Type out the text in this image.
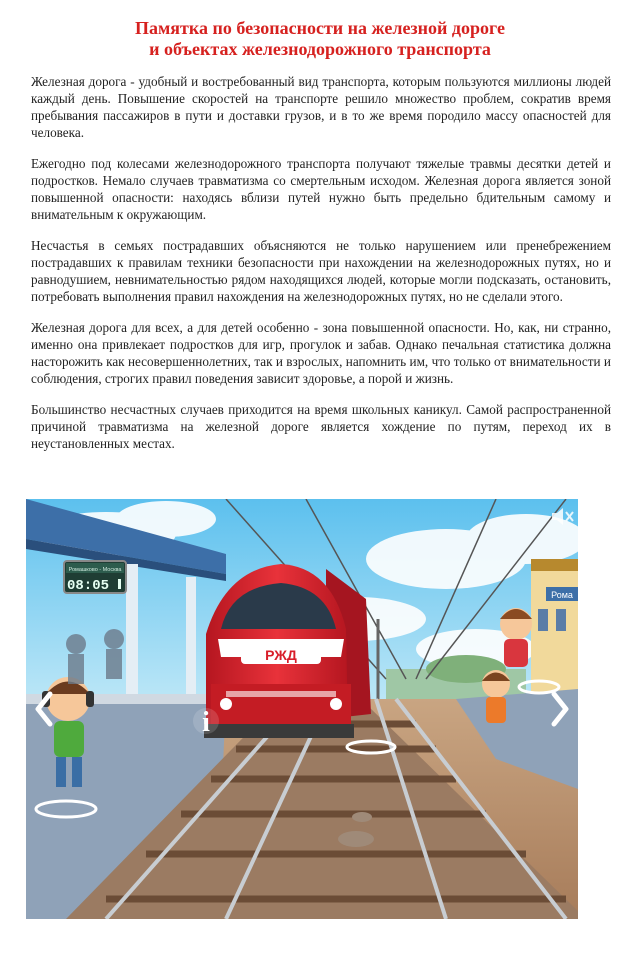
Памятка по безопасности на железной дороге
и объектах железнодорожного транспорта

Железная дорога - удобный и востребованный вид транспорта, которым пользуются миллионы людей каждый день. Повышение скоростей на транспорте решило множество проблем, сократив время пребывания пассажиров в пути и доставки грузов, и в то же время породило массу опасностей для человека.

Ежегодно под колесами железнодорожного транспорта получают тяжелые травмы десятки детей и подростков. Немало случаев травматизма со смертельным исходом. Железная дорога является зоной повышенной опасности: находясь вблизи путей нужно быть предельно бдительным самому и внимательным к окружающим.

Несчастья в семьях пострадавших объясняются не только нарушением или пренебрежением пострадавших к правилам техники безопасности при нахождении на железнодорожных путях, но и равнодушием, невнимательностью рядом находящихся людей, которые могли подсказать, остановить, потребовать выполнения правил нахождения на железнодорожных путях, но не сделали этого.

Железная дорога для всех, а для детей особенно - зона повышенной опасности. Но, как, ни странно, именно она привлекает подростков для игр, прогулок и забав. Однако печальная статистика должна насторожить как несовершеннолетних, так и взрослых, напомнить им, что только от внимательности и соблюдения, строгих правил поведения зависит здоровье, а порой и жизнь.

Большинство несчастных случаев приходится на время школьных каникул. Самой распространенной причиной травматизма на железной дороге является хождение по путям, переход их в неустановленных местах.

Ромашково - Москва
08:05
Рома
РЖД
i
